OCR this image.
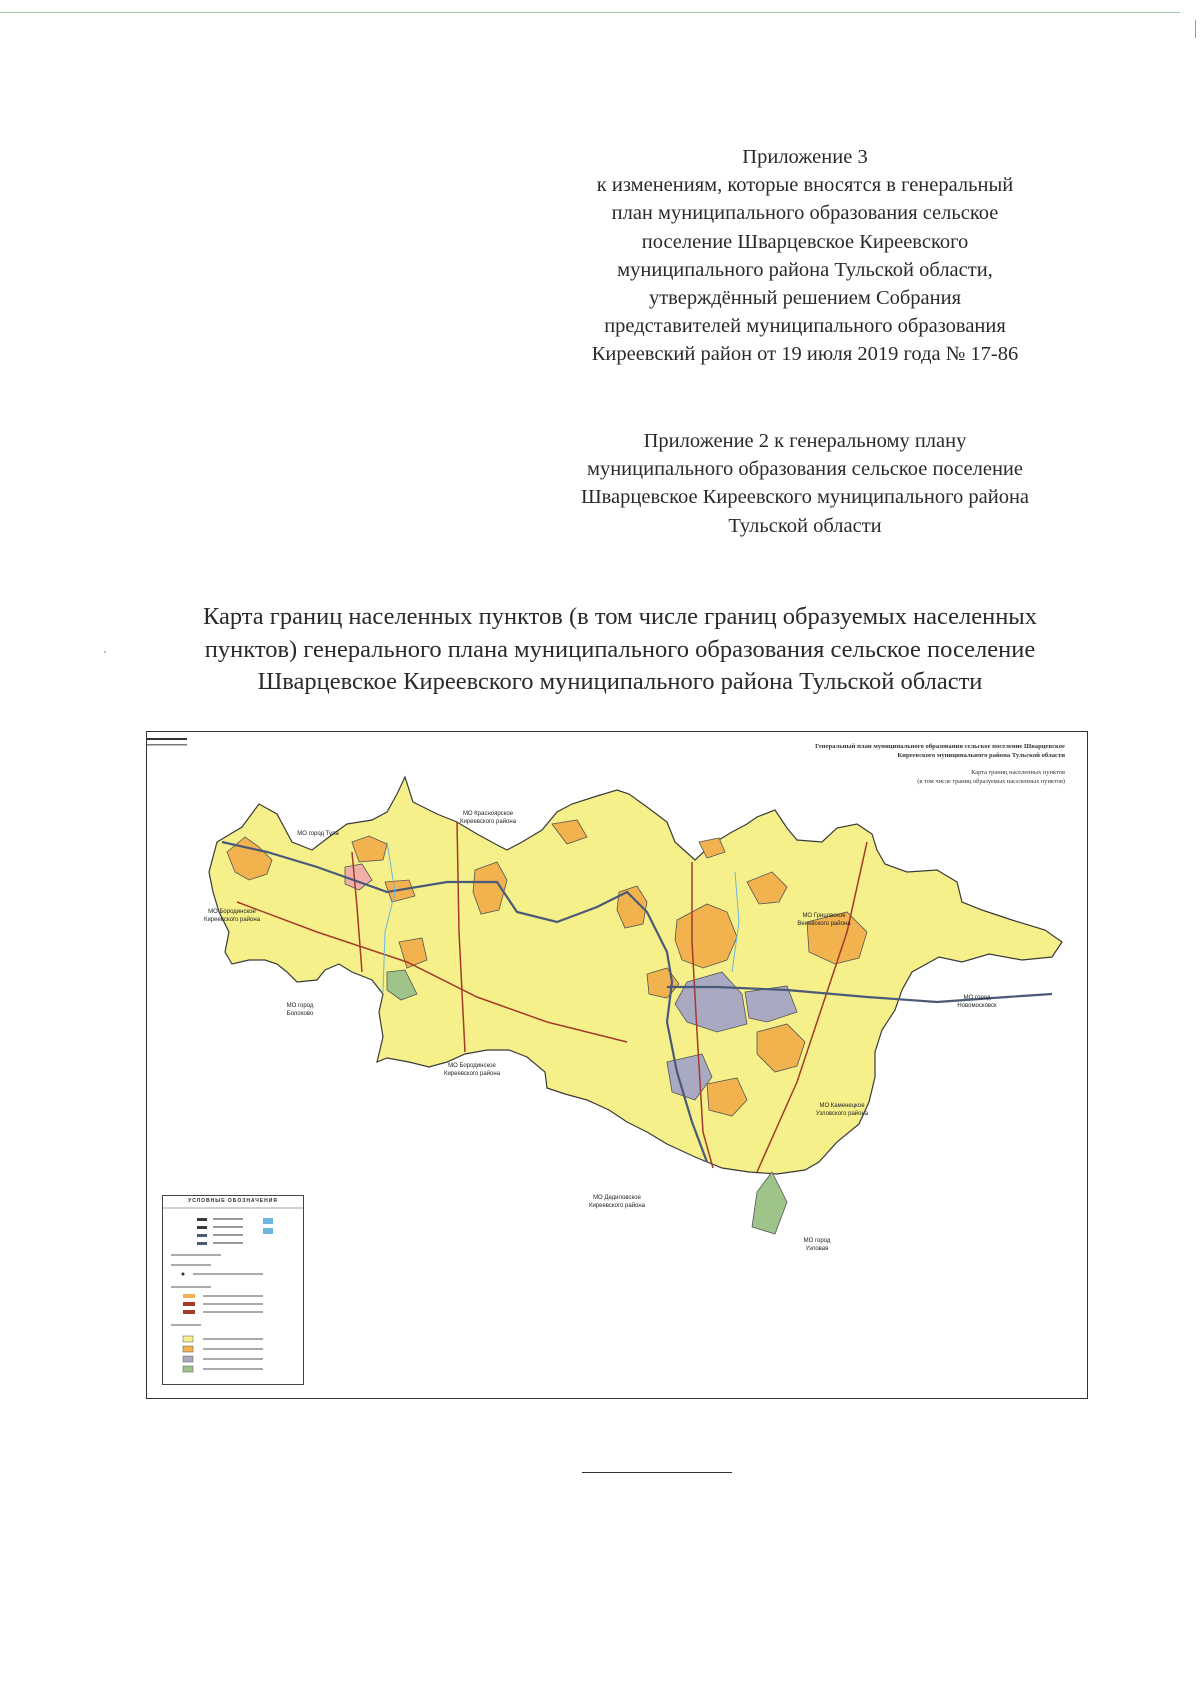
Приложение 3
к изменениям, которые вносятся в генеральный
план муниципального образования сельское
поселение Шварцевское Киреевского
муниципального района Тульской области,
утверждённый решением Собрания
представителей муниципального образования
Киреевский район от 19 июля 2019 года № 17-86
Приложение 2 к генеральному плану
муниципального образования сельское поселение
Шварцевское Киреевского муниципального района
Тульской области
Карта границ населенных пунктов (в том числе границ образуемых населенных
пунктов) генерального плана муниципального образования сельское поселение
Шварцевское Киреевского муниципального района Тульской области
Генеральный план муниципального образования сельское поселение Шварцевское
Киреевского муниципального района Тульской области
Карта границ населенных пунктов
(в том числе границ образуемых населенных пунктов)
МО город Тула
МО Красноярское
Киреевского района
МО Бородинское
Киреевского района
МО город
Болохово
МО Грицовское
Веневского района
МО город
Новомосковск
МО Бородинское
Киреевского района
МО Каменецкое
Узловского района
МО Дедиловское
Киреевского района
МО город
Узловая
УСЛОВНЫЕ ОБОЗНАЧЕНИЯ
